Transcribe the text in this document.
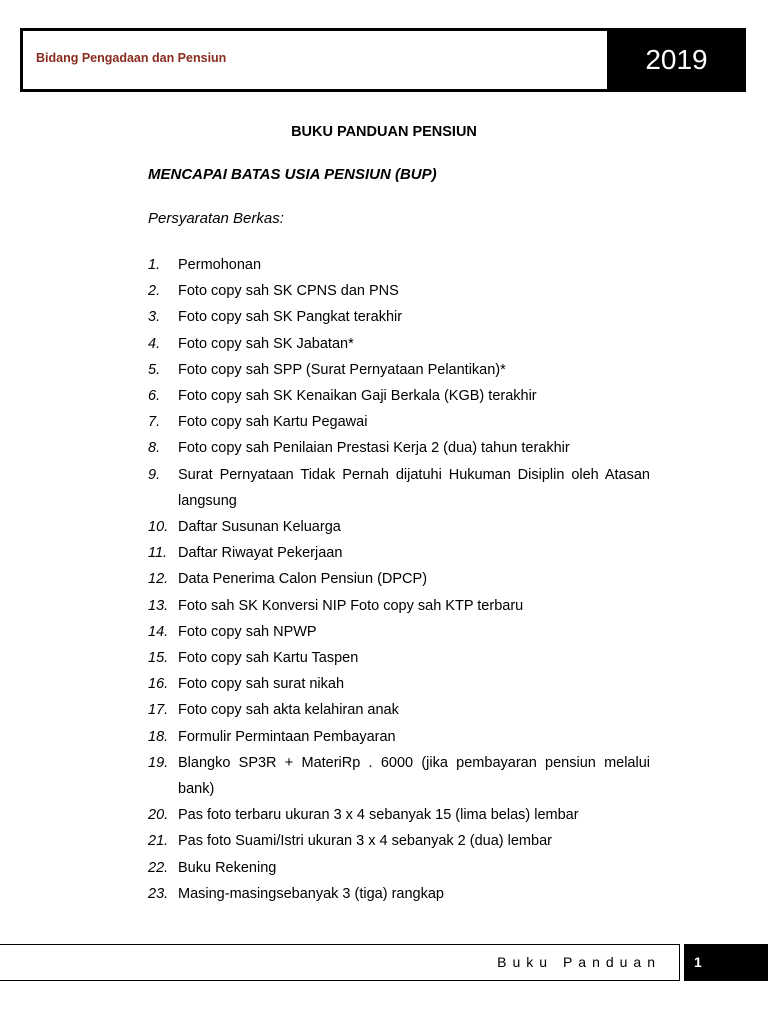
Bidang Pengadaan dan Pensiun	2019
BUKU PANDUAN PENSIUN
MENCAPAI BATAS USIA PENSIUN (BUP)
Persyaratan Berkas:
1.	Permohonan
2.	Foto copy sah SK CPNS dan PNS
3.	Foto copy sah SK Pangkat terakhir
4.	Foto copy sah SK Jabatan*
5.	Foto copy sah SPP (Surat Pernyataan Pelantikan)*
6.	Foto copy sah SK Kenaikan Gaji Berkala (KGB) terakhir
7.	Foto copy sah Kartu Pegawai
8.	Foto copy sah Penilaian Prestasi Kerja 2 (dua) tahun terakhir
9.	Surat Pernyataan Tidak Pernah dijatuhi Hukuman Disiplin oleh Atasan langsung
10. Daftar Susunan Keluarga
11. Daftar Riwayat Pekerjaan
12. Data Penerima Calon Pensiun (DPCP)
13. Foto sah SK Konversi NIP Foto copy sah KTP terbaru
14. Foto copy sah NPWP
15. Foto copy sah Kartu Taspen
16. Foto copy sah surat nikah
17. Foto copy sah akta kelahiran anak
18. Formulir Permintaan Pembayaran
19. Blangko SP3R + MateriRp . 6000 (jika pembayaran pensiun melalui bank)
20. Pas foto terbaru ukuran 3 x 4 sebanyak 15 (lima belas) lembar
21. Pas foto Suami/Istri ukuran 3 x 4 sebanyak 2 (dua) lembar
22. Buku Rekening
23. Masing-masingsebanyak 3 (tiga) rangkap
Buku Panduan	1
